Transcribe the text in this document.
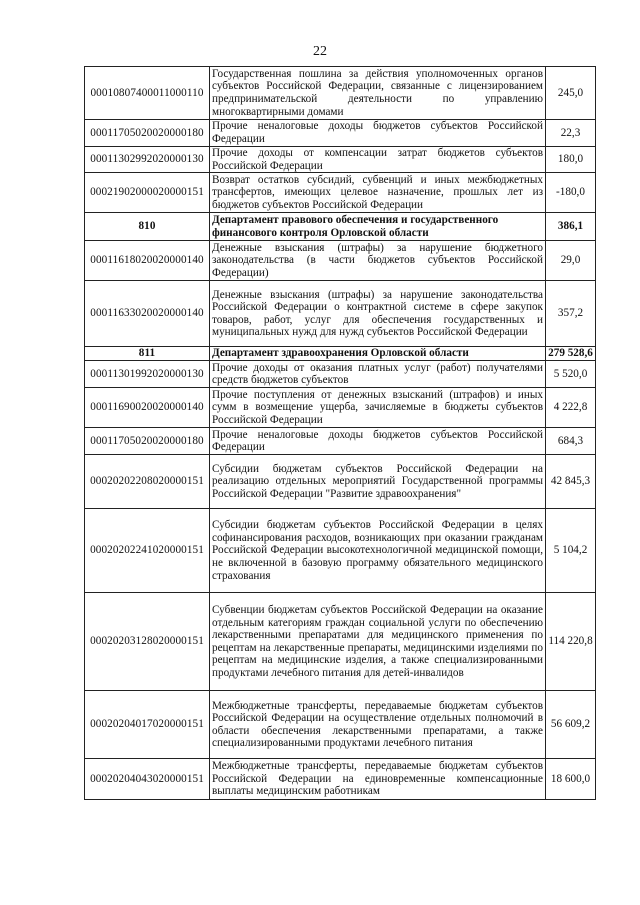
22
00010807400011000110	Государственная пошлина за действия уполномоченных органов субъектов Российской Федерации, связанные с лицензированием предпринимательской деятельности по управлению многоквартирными домами	245,0
00011705020020000180	Прочие неналоговые доходы бюджетов субъектов Российской Федерации	22,3
00011302992020000130	Прочие доходы от компенсации затрат бюджетов субъектов Российской Федерации	180,0
00021902000020000151	Возврат остатков субсидий, субвенций и иных межбюджетных трансфертов, имеющих целевое назначение, прошлых лет из бюджетов субъектов Российской Федерации	-180,0
810	Департамент правового обеспечения и государственного финансового контроля Орловской области	386,1
00011618020020000140	Денежные взыскания (штрафы) за нарушение бюджетного законодательства (в части бюджетов субъектов Российской Федерации)	29,0
00011633020020000140	Денежные взыскания (штрафы) за нарушение законодательства Российской Федерации о контрактной системе в сфере закупок товаров, работ, услуг для обеспечения государственных и муниципальных нужд для нужд субъектов Российской Федерации	357,2
811	Департамент здравоохранения Орловской области	279 528,6
00011301992020000130	Прочие доходы от оказания платных услуг (работ) получателями средств бюджетов субъектов	5 520,0
00011690020020000140	Прочие поступления от денежных взысканий (штрафов) и иных сумм в возмещение ущерба, зачисляемые в бюджеты субъектов Российской Федерации	4 222,8
00011705020020000180	Прочие неналоговые доходы бюджетов субъектов Российской Федерации	684,3
00020202208020000151	Субсидии бюджетам субъектов Российской Федерации на реализацию отдельных мероприятий Государственной программы Российской Федерации "Развитие здравоохранения"	42 845,3
00020202241020000151	Субсидии бюджетам субъектов Российской Федерации в целях софинансирования расходов, возникающих при оказании гражданам Российской Федерации высокотехнологичной медицинской помощи, не включенной в базовую программу обязательного медицинского страхования	5 104,2
00020203128020000151	Субвенции бюджетам субъектов Российской Федерации на оказание отдельным категориям граждан социальной услуги по обеспечению лекарственными препаратами для медицинского применения по рецептам на лекарственные препараты, медицинскими изделиями по рецептам на медицинские изделия, а также специализированными продуктами лечебного питания для детей-инвалидов	114 220,8
00020204017020000151	Межбюджетные трансферты, передаваемые бюджетам субъектов Российской Федерации на осуществление отдельных полномочий в области обеспечения лекарственными препаратами, а также специализированными продуктами лечебного питания	56 609,2
00020204043020000151	Межбюджетные трансферты, передаваемые бюджетам субъектов Российской Федерации на единовременные компенсационные выплаты медицинским работникам	18 600,0
